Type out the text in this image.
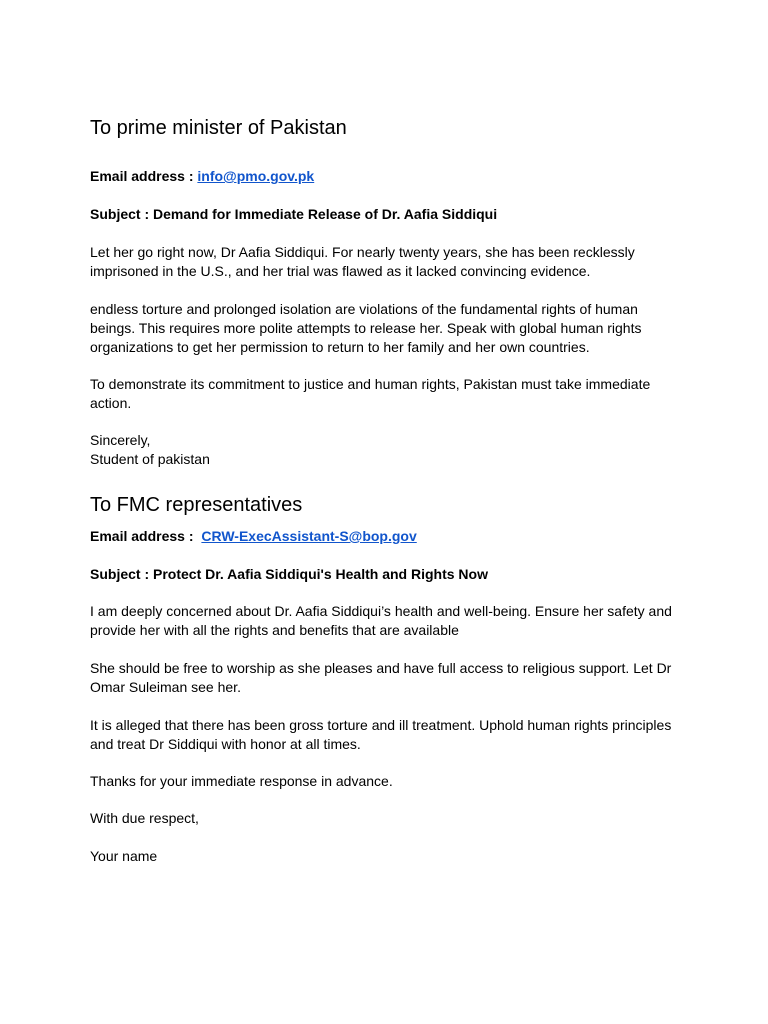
To prime minister of Pakistan

Email address : info@pmo.gov.pk

Subject : Demand for Immediate Release of Dr. Aafia Siddiqui

Let her go right now, Dr Aafia Siddiqui. For nearly twenty years, she has been recklessly

imprisoned in the U.S., and her trial was flawed as it lacked convincing evidence.

endless torture and prolonged isolation are violations of the fundamental rights of human

beings. This requires more polite attempts to release her. Speak with global human rights

organizations to get her permission to return to her family and her own countries.

To demonstrate its commitment to justice and human rights, Pakistan must take immediate

action.

Sincerely,

Student of pakistan

To FMC representatives

Email address : CRW-ExecAssistant-S@bop.gov

Subject : Protect Dr. Aafia Siddiqui's Health and Rights Now

I am deeply concerned about Dr. Aafia Siddiqui’s health and well-being. Ensure her safety and

provide her with all the rights and benefits that are available

She should be free to worship as she pleases and have full access to religious support. Let Dr

Omar Suleiman see her.

It is alleged that there has been gross torture and ill treatment. Uphold human rights principles

and treat Dr Siddiqui with honor at all times.

Thanks for your immediate response in advance.

With due respect,

Your name
